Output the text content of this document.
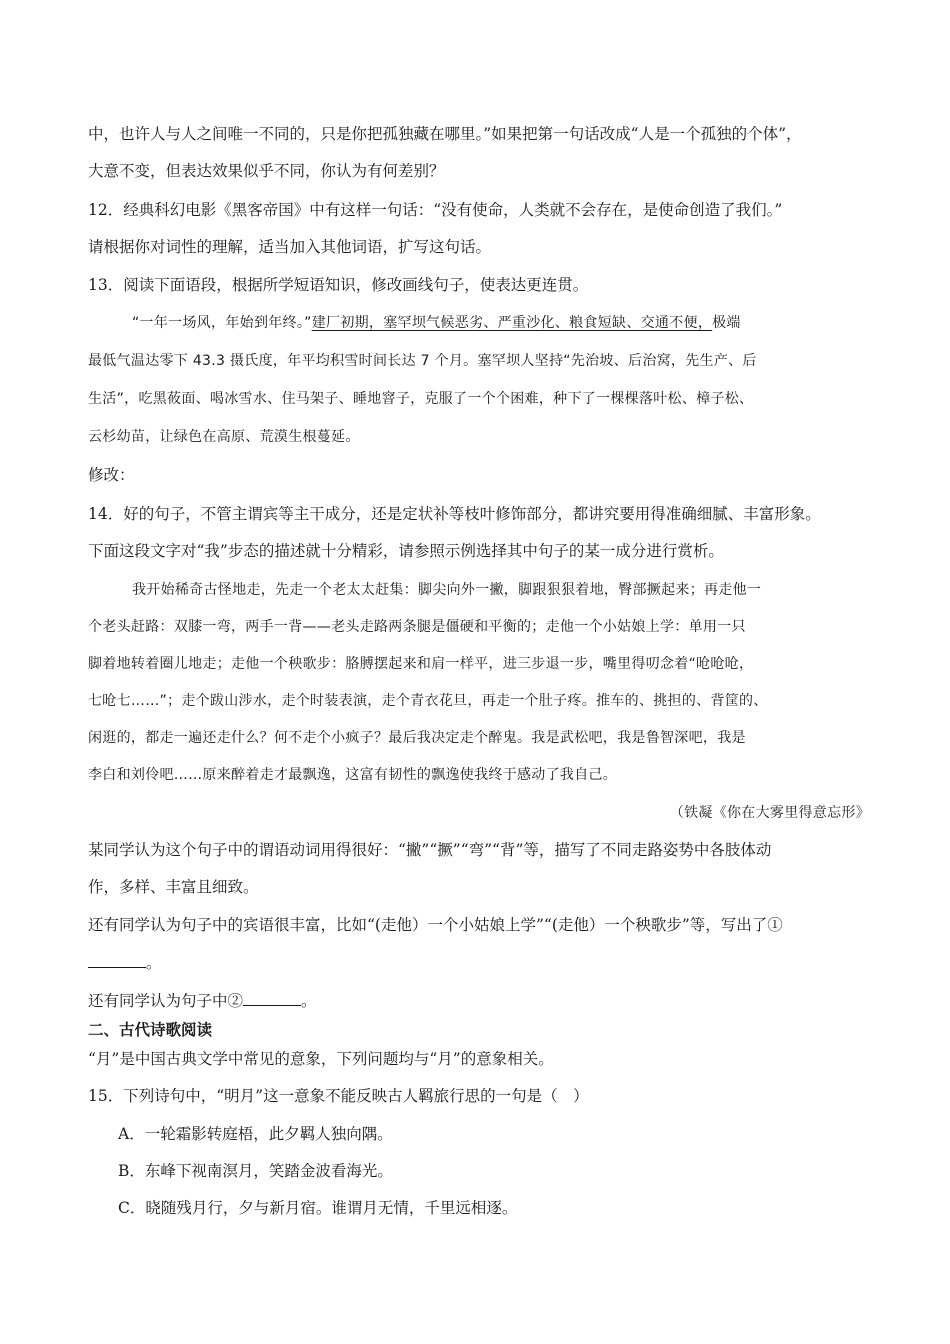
中，也许人与人之间唯一不同的，只是你把孤独藏在哪里。”如果把第一句话改成“人是一个孤独的个体”，
大意不变，但表达效果似乎不同，你认为有何差别？
12．经典科幻电影《黑客帝国》中有这样一句话：“没有使命，人类就不会存在，是使命创造了我们。”
请根据你对词性的理解，适当加入其他词语，扩写这句话。
13．阅读下面语段，根据所学短语知识，修改画线句子，使表达更连贯。
“一年一场风，年始到年终。”建厂初期，塞罕坝气候恶劣、严重沙化、粮食短缺、交通不便，极端
最低气温达零下 43.3 摄氏度，年平均积雪时间长达 7 个月。塞罕坝人坚持“先治坡、后治窝，先生产、后
生活”，吃黑莜面、喝冰雪水、住马架子、睡地窨子，克服了一个个困难，种下了一棵棵落叶松、樟子松、
云杉幼苗，让绿色在高原、荒漠生根蔓延。
修改：
14．好的句子，不管主谓宾等主干成分，还是定状补等枝叶修饰部分，都讲究要用得准确细腻、丰富形象。
下面这段文字对“我”步态的描述就十分精彩，请参照示例选择其中句子的某一成分进行赏析。
我开始稀奇古怪地走，先走一个老太太赶集：脚尖向外一撇，脚跟狠狠着地，臀部撅起来；再走他一
个老头赶路：双膝一弯，两手一背——老头走路两条腿是僵硬和平衡的；走他一个小姑娘上学：单用一只
脚着地转着圈儿地走；走他一个秧歌步：胳膊摆起来和肩一样平，进三步退一步，嘴里得叨念着“呛呛呛，
七呛七……”；走个跋山涉水，走个时装表演，走个青衣花旦，再走一个肚子疼。推车的、挑担的、背筐的、
闲逛的，都走一遍还走什么？何不走个小疯子？最后我决定走个醉鬼。我是武松吧，我是鲁智深吧，我是
李白和刘伶吧……原来醉着走才最飘逸，这富有韧性的飘逸使我终于感动了我自己。
（铁凝《你在大雾里得意忘形》
某同学认为这个句子中的谓语动词用得很好：“撇”“撅”“弯”“背”等，描写了不同走路姿势中各肢体动
作，多样、丰富且细致。
还有同学认为句子中的宾语很丰富，比如“(走他）一个小姑娘上学”“(走他）一个秧歌步”等，写出了①
。
还有同学认为句子中②	。
二、古代诗歌阅读
“月”是中国古典文学中常见的意象，下列问题均与“月”的意象相关。
15．下列诗句中，“明月”这一意象不能反映古人羁旅行思的一句是（　）
A．一轮霜影转庭梧，此夕羁人独向隅。
B．东峰下视南溟月，笑踏金波看海光。
C．晓随残月行，夕与新月宿。谁谓月无情，千里远相逐。
